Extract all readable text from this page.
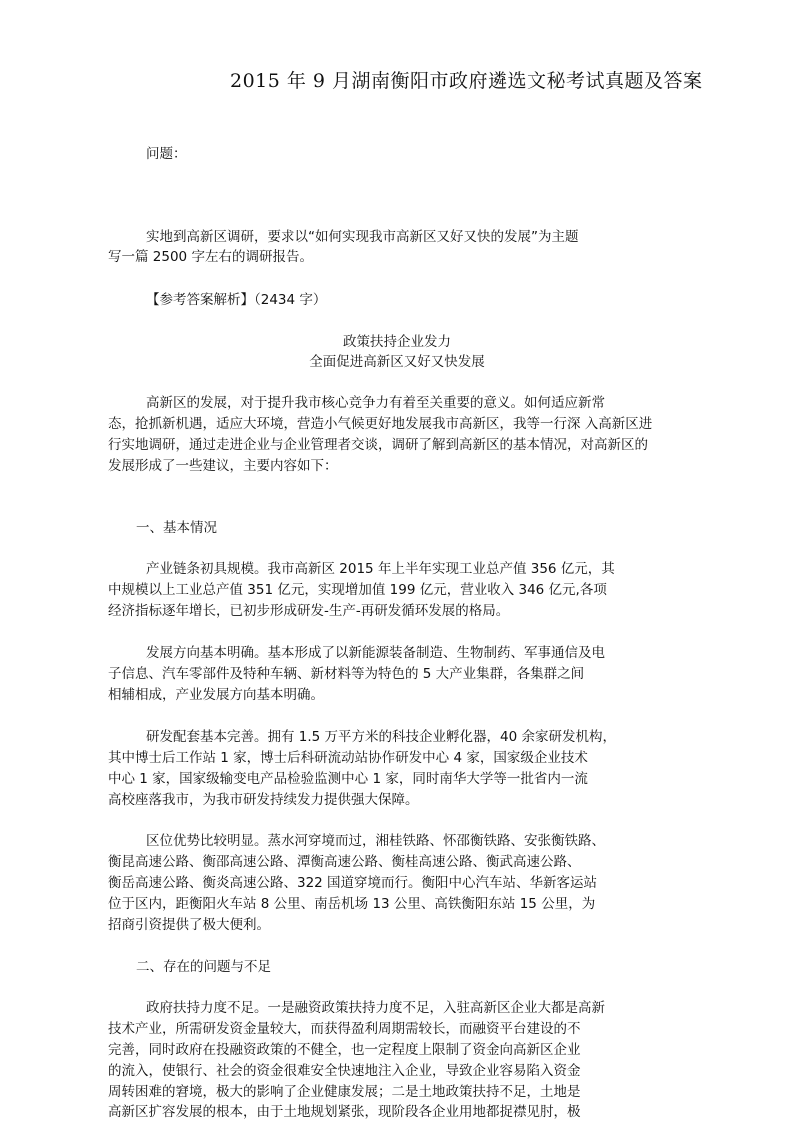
2015 年 9 月湖南衡阳市政府遴选文秘考试真题及答案
问题：
实地到高新区调研，要求以“如何实现我市高新区又好又快的发展”为主题
写一篇 2500 字左右的调研报告。
【参考答案解析】（2434 字）
政策扶持企业发力
全面促进高新区又好又快发展
高新区的发展，对于提升我市核心竞争力有着至关重要的意义。如何适应新常
态，抢抓新机遇，适应大环境，营造小气候更好地发展我市高新区，我等一行深 入高新区进
行实地调研，通过走进企业与企业管理者交谈，调研了解到高新区的基本情况，对高新区的
发展形成了一些建议，主要内容如下：
一、基本情况
产业链条初具规模。我市高新区 2015 年上半年实现工业总产值 356 亿元，其
中规模以上工业总产值 351 亿元，实现增加值 199 亿元，营业收入 346 亿元,各项
经济指标逐年增长，已初步形成研发-生产-再研发循环发展的格局。
发展方向基本明确。基本形成了以新能源装备制造、生物制药、军事通信及电
子信息、汽车零部件及特种车辆、新材料等为特色的 5 大产业集群，各集群之间
相辅相成，产业发展方向基本明确。
研发配套基本完善。拥有 1.5 万平方米的科技企业孵化器，40 余家研发机构，
其中博士后工作站 1 家，博士后科研流动站协作研发中心 4 家，国家级企业技术
中心 1 家，国家级输变电产品检验监测中心 1 家，同时南华大学等一批省内一流
高校座落我市，为我市研发持续发力提供强大保障。
区位优势比较明显。蒸水河穿境而过，湘桂铁路、怀邵衡铁路、安张衡铁路、
衡昆高速公路、衡邵高速公路、潭衡高速公路、衡桂高速公路、衡武高速公路、
衡岳高速公路、衡炎高速公路、322 国道穿境而行。衡阳中心汽车站、华新客运站
位于区内，距衡阳火车站 8 公里、南岳机场 13 公里、高铁衡阳东站 15 公里，为
招商引资提供了极大便利。
二、存在的问题与不足
政府扶持力度不足。一是融资政策扶持力度不足，入驻高新区企业大都是高新
技术产业，所需研发资金量较大，而获得盈利周期需较长，而融资平台建设的不
完善，同时政府在投融资政策的不健全，也一定程度上限制了资金向高新区企业
的流入，使银行、社会的资金很难安全快速地注入企业，导致企业容易陷入资金
周转困难的窘境，极大的影响了企业健康发展；二是土地政策扶持不足，土地是
高新区扩容发展的根本，由于土地规划紧张，现阶段各企业用地都捉襟见肘，极
